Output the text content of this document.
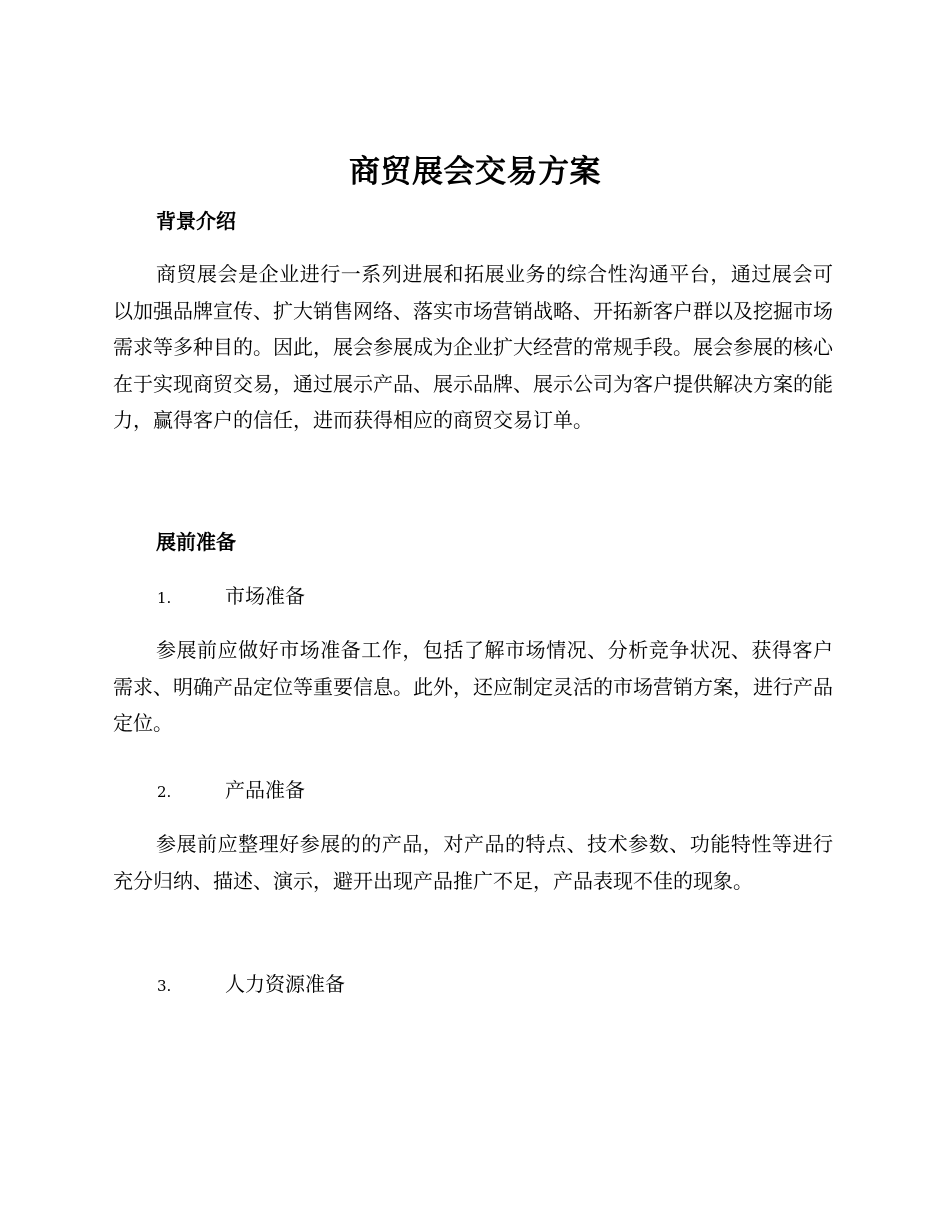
商贸展会交易方案
背景介绍
商贸展会是企业进行一系列进展和拓展业务的综合性沟通平台，通过展会可以加强品牌宣传、扩大销售网络、落实市场营销战略、开拓新客户群以及挖掘市场需求等多种目的。因此，展会参展成为企业扩大经营的常规手段。展会参展的核心在于实现商贸交易，通过展示产品、展示品牌、展示公司为客户提供解决方案的能力，赢得客户的信任，进而获得相应的商贸交易订单。
展前准备
1.	市场准备
参展前应做好市场准备工作，包括了解市场情况、分析竞争状况、获得客户需求、明确产品定位等重要信息。此外，还应制定灵活的市场营销方案，进行产品定位。
2.	产品准备
参展前应整理好参展的的产品，对产品的特点、技术参数、功能特性等进行充分归纳、描述、演示，避开出现产品推广不足，产品表现不佳的现象。
3.	人力资源准备
